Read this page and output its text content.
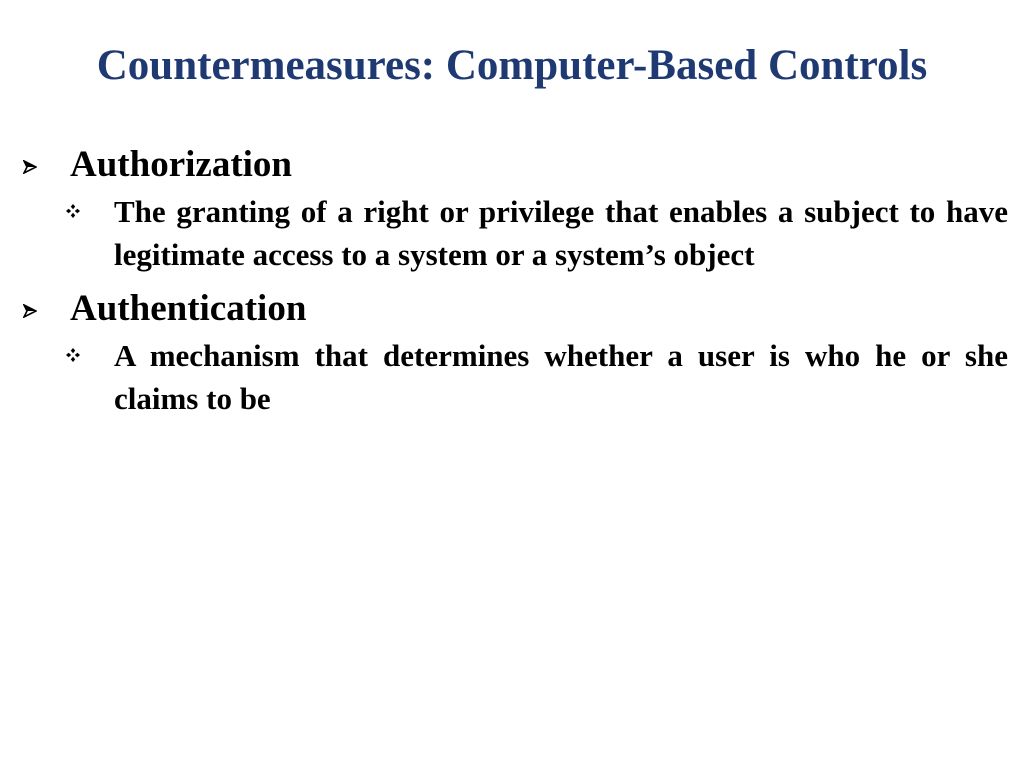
Countermeasures: Computer-Based Controls
Authorization
The granting of a right or privilege that enables a subject to have legitimate access to a system or a system’s object
Authentication
A mechanism that determines whether a user is who he or she claims to be
